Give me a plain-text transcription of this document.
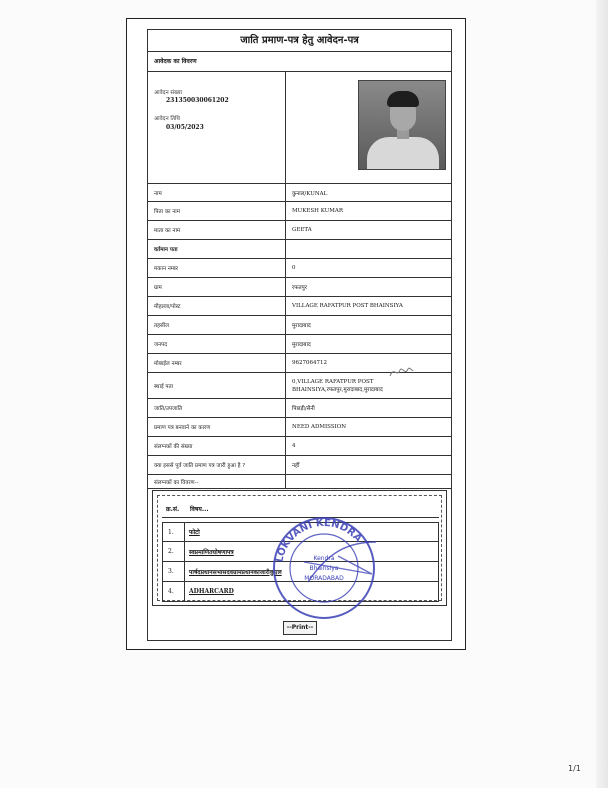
जाति प्रमाण-पत्र हेतु आवेदन-पत्र
आवेदक का विवरण
आवेदन संख्या
231350030061202
आवेदन तिथि
03/05/2023
नाम	कुनाल/KUNAL
पिता का नाम	MUKESH KUMAR
माता का नाम	GEETA
वर्तमान पता
मकान नम्बर	0
ग्राम	रफतपुर
मौहल्ला/पोस्ट	VILLAGE RAFATPUR POST BHAINSIYA
तहसील	मुरादाबाद
जनपद	मुरादाबाद
मोबाईल नम्बर	9627064712
स्थाई पता
0,VILLAGE RAFATPUR POST
BHAINSIYA,रफतपुर,मुरादाबाद,मुरादाबाद
जाति/उपजाति	पिछड़ी/सैनी
प्रमाण पत्र बनवाने का कारण	NEED ADMISSION
संलग्नकों की संख्या	4
क्या इससे पूर्व जाति प्रमाण पत्र जारी हुआ है ?	नहीं
संलग्नकों का विवरण--
क्र.सं.	विषय...
1.	फोटो
2.	स्वप्रमाणितघोषणापत्र
3.	पार्षदप्रधानसभासदवग्रामप्रधानकाजारीकुएल
4.	ADHARCARD
--Print--
LOKVANI KENDRA
Kendra
Bhainsiya
MORADABAD
1/1
